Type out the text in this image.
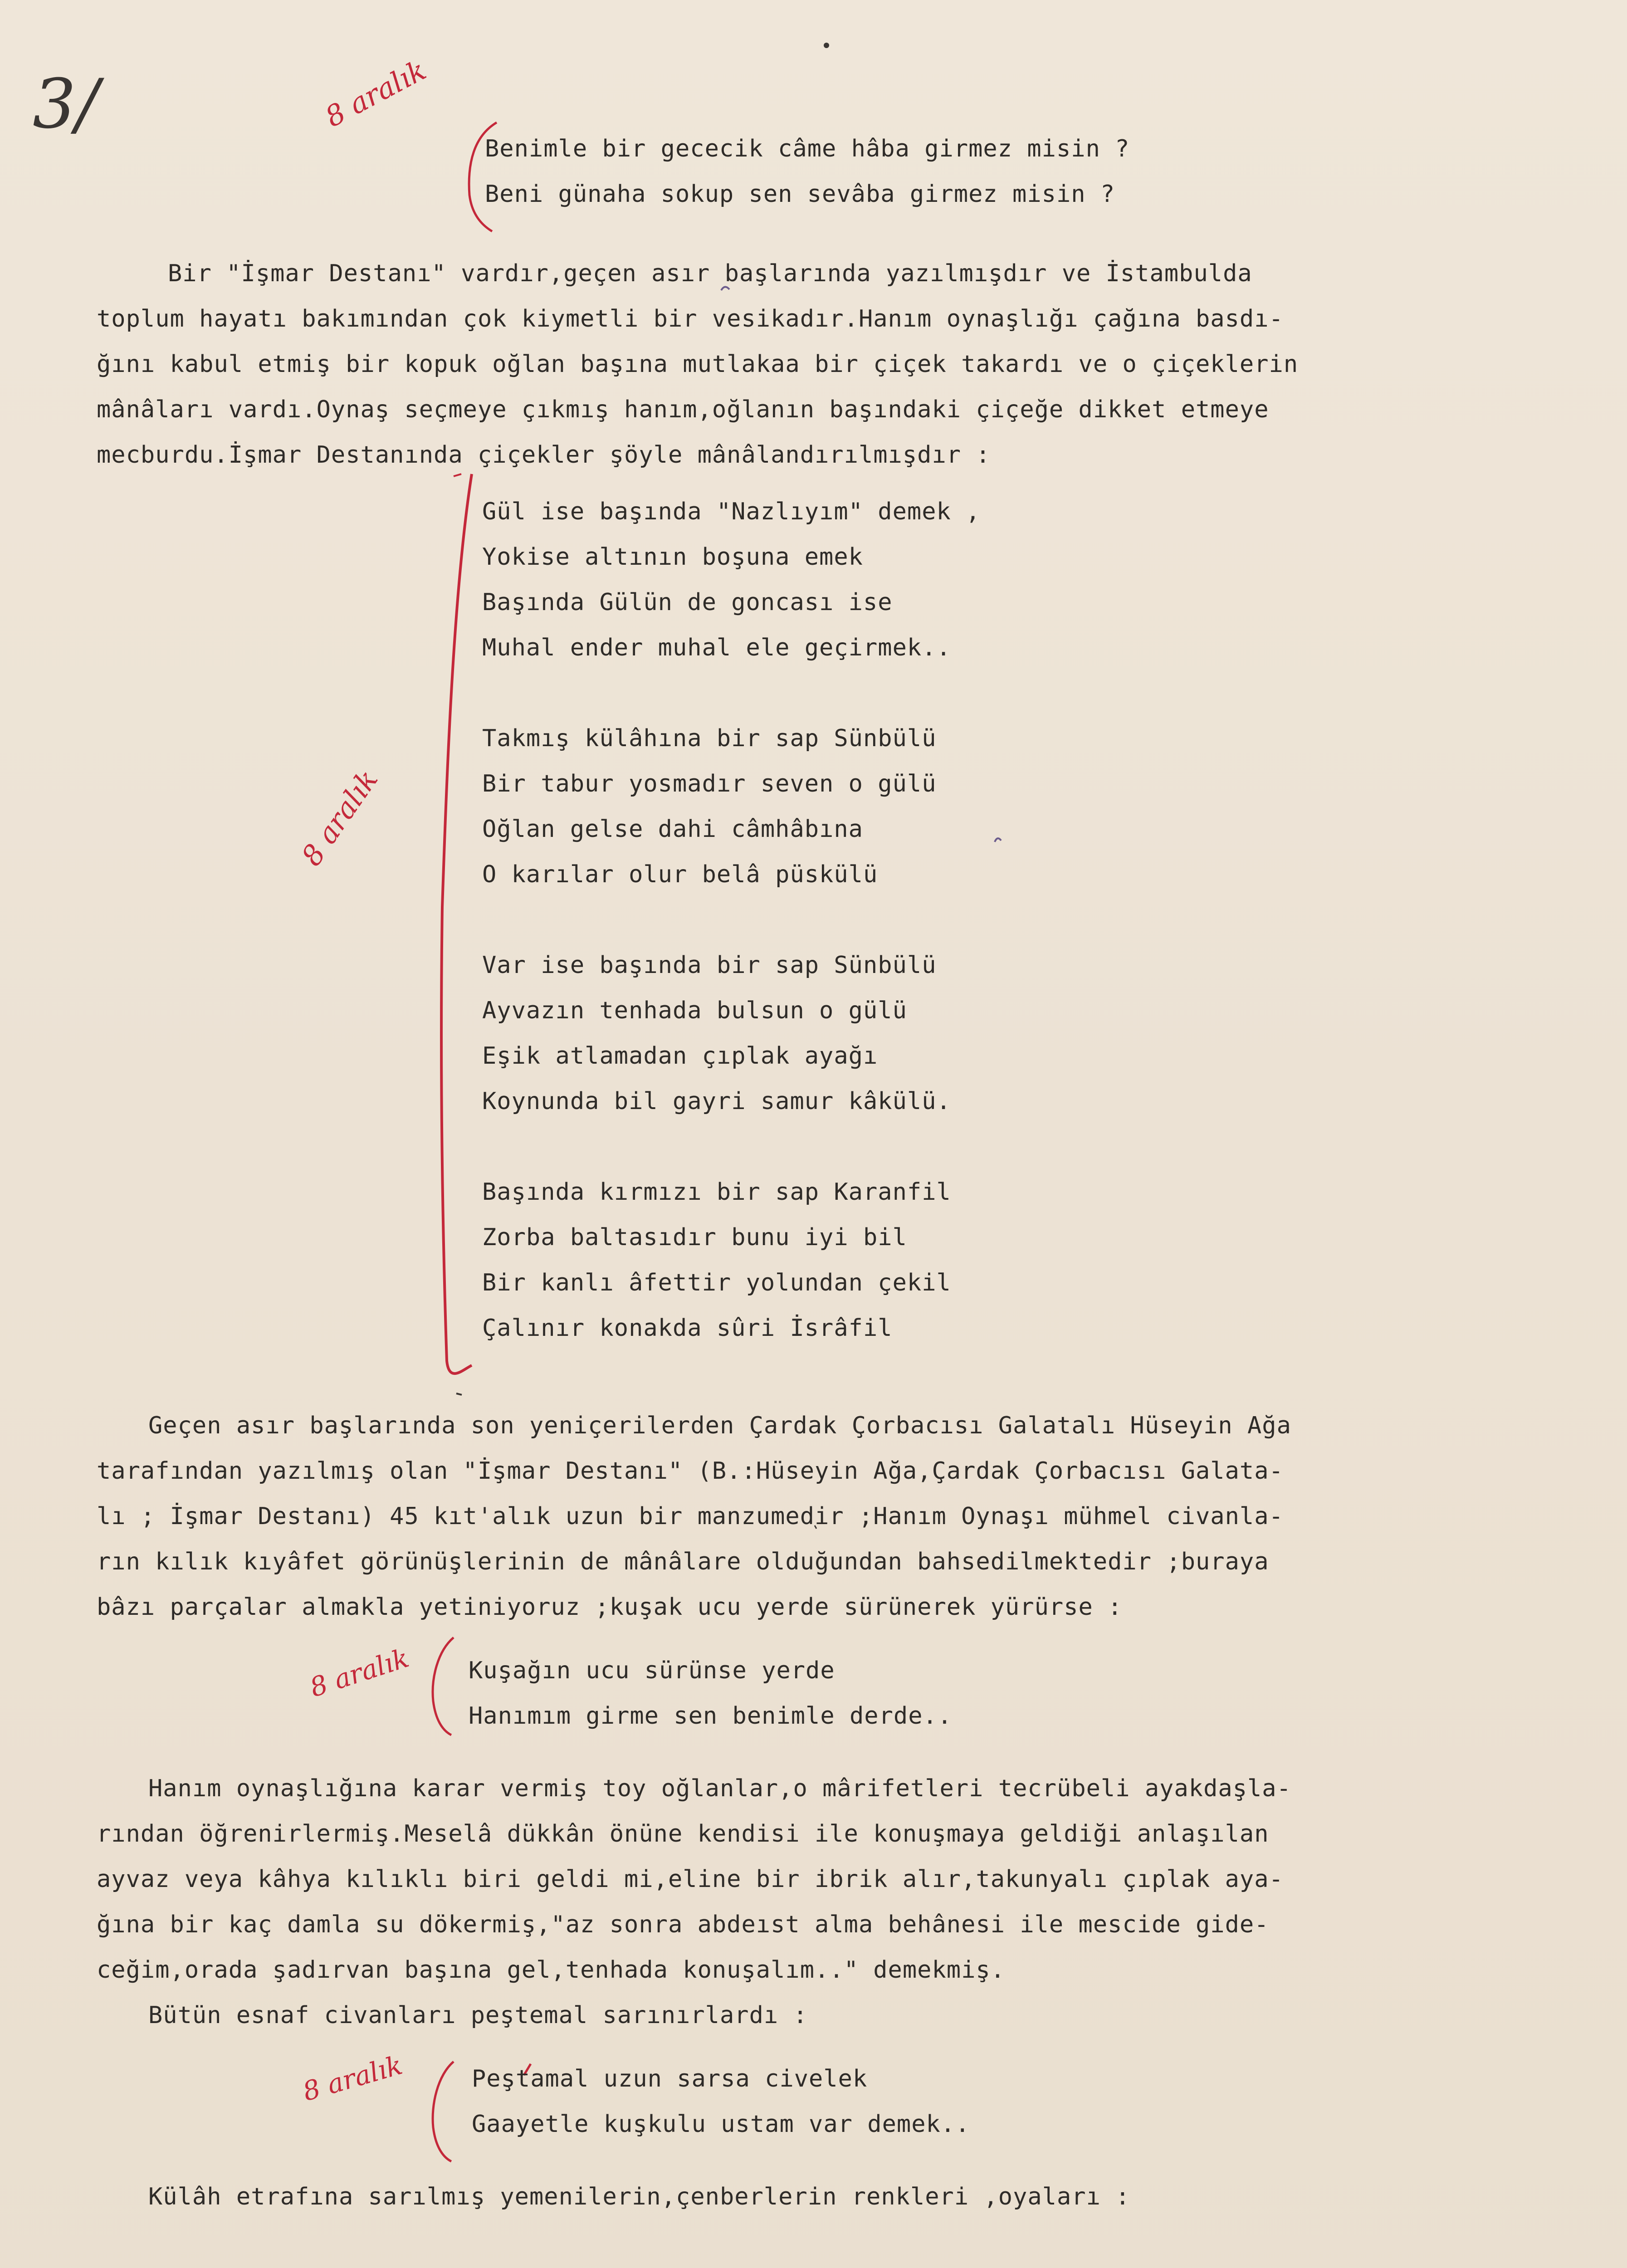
3/	8 aralık
8 aralık
8 aralık
8 aralık
Benimle bir gececik câme hâba girmez misin ?
Beni günaha sokup sen sevâba girmez misin ?
Bir "İşmar Destanı" vardır,geçen asır başlarında yazılmışdır ve İstambulda
toplum hayatı bakımından çok kiymetli bir vesikadır.Hanım oynaşlığı çağına basdı-
ğını kabul etmiş bir kopuk oğlan başına mutlakaa bir çiçek takardı ve o çiçeklerin
mânâları vardı.Oynaş seçmeye çıkmış hanım,oğlanın başındaki çiçeğe dikket etmeye
mecburdu.İşmar Destanında çiçekler şöyle mânâlandırılmışdır :
Gül ise başında "Nazlıyım" demek ,
Yokise altının boşuna emek
Başında Gülün de goncası ise
Muhal ender muhal ele geçirmek..
Takmış külâhına bir sap Sünbülü
Bir tabur yosmadır seven o gülü
Oğlan gelse dahi câmhâbına
O karılar olur belâ püskülü
Var ise başında bir sap Sünbülü
Ayvazın tenhada bulsun o gülü
Eşik atlamadan çıplak ayağı
Koynunda bil gayri samur kâkülü.
Başında kırmızı bir sap Karanfil
Zorba baltasıdır bunu iyi bil
Bir kanlı âfettir yolundan çekil
Çalınır konakda sûri İsrâfil
Geçen asır başlarında son yeniçerilerden Çardak Çorbacısı Galatalı Hüseyin Ağa
tarafından yazılmış olan "İşmar Destanı" (B.:Hüseyin Ağa,Çardak Çorbacısı Galata-
lı ; İşmar Destanı) 45 kıt'alık uzun bir manzumedir ;Hanım Oynaşı mühmel civanla-
rın kılık kıyâfet görünüşlerinin de mânâlare olduğundan bahsedilmektedir ;buraya
bâzı parçalar almakla yetiniyoruz ;kuşak ucu yerde sürünerek yürürse :
Kuşağın ucu sürünse yerde
Hanımım girme sen benimle derde..
Hanım oynaşlığına karar vermiş toy oğlanlar,o mârifetleri tecrübeli ayakdaşla-
rından öğrenirlermiş.Meselâ dükkân önüne kendisi ile konuşmaya geldiği anlaşılan
ayvaz veya kâhya kılıklı biri geldi mi,eline bir ibrik alır,takunyalı çıplak aya-
ğına bir kaç damla su dökermiş,"az sonra abdeıst alma behânesi ile mescide gide-
ceğim,orada şadırvan başına gel,tenhada konuşalım.." demekmiş.
Bütün esnaf civanları peştemal sarınırlardı :
Peştamal uzun sarsa civelek
Gaayetle kuşkulu ustam var demek..
Külâh etrafına sarılmış yemenilerin,çenberlerin renkleri ,oyaları :
